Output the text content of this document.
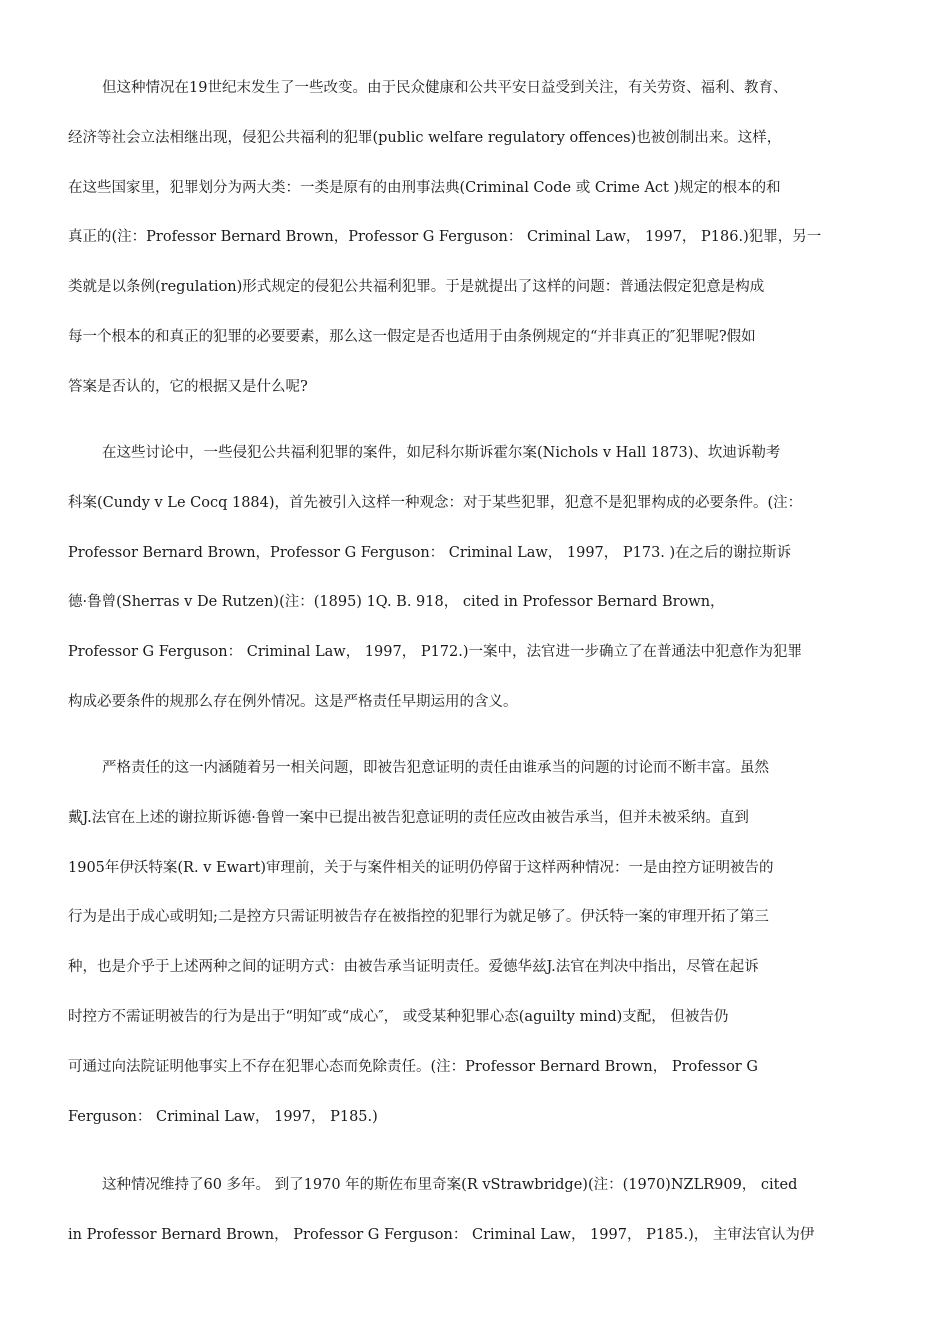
但这种情况在19世纪末发生了一些改变。由于民众健康和公共平安日益受到关注，有关劳资、福利、教育、
经济等社会立法相继出现，侵犯公共福利的犯罪(public welfare regulatory offences)也被创制出来。这样，
在这些国家里，犯罪划分为两大类：一类是原有的由刑事法典(Criminal Code 或 Crime Act )规定的根本的和
真正的(注：Professor Bernard Brown，Professor G Ferguson： Criminal Law， 1997， P186.)犯罪，另一
类就是以条例(regulation)形式规定的侵犯公共福利犯罪。于是就提出了这样的问题：普通法假定犯意是构成
每一个根本的和真正的犯罪的必要要素，那么这一假定是否也适用于由条例规定的“并非真正的″犯罪呢?假如
答案是否认的，它的根据又是什么呢?
在这些讨论中，一些侵犯公共福利犯罪的案件，如尼科尔斯诉霍尔案(Nichols v Hall 1873)、坎迪诉勒考
科案(Cundy v Le Cocq 1884)，首先被引入这样一种观念：对于某些犯罪，犯意不是犯罪构成的必要条件。(注：
Professor Bernard Brown，Professor G Ferguson： Criminal Law， 1997， P173. )在之后的谢拉斯诉
德·鲁曾(Sherras v De Rutzen)(注：(1895) 1Q. B. 918， cited in Professor Bernard Brown，
Professor G Ferguson： Criminal Law， 1997， P172.)一案中，法官进一步确立了在普通法中犯意作为犯罪
构成必要条件的规那么存在例外情况。这是严格责任早期运用的含义。
严格责任的这一内涵随着另一相关问题，即被告犯意证明的责任由谁承当的问题的讨论而不断丰富。虽然
戴J.法官在上述的谢拉斯诉德·鲁曾一案中已提出被告犯意证明的责任应改由被告承当，但并未被采纳。直到
1905年伊沃特案(R. v Ewart)审理前，关于与案件相关的证明仍停留于这样两种情况：一是由控方证明被告的
行为是出于成心或明知;二是控方只需证明被告存在被指控的犯罪行为就足够了。伊沃特一案的审理开拓了第三
种，也是介乎于上述两种之间的证明方式：由被告承当证明责任。爱德华兹J.法官在判决中指出，尽管在起诉
时控方不需证明被告的行为是出于“明知″或“成心″， 或受某种犯罪心态(aguilty mind)支配， 但被告仍
可通过向法院证明他事实上不存在犯罪心态而免除责任。(注：Professor Bernard Brown， Professor G
Ferguson： Criminal Law， 1997， P185.)
这种情况维持了60 多年。 到了1970 年的斯佐布里奇案(R vStrawbridge)(注：(1970)NZLR909， cited
in Professor Bernard Brown， Professor G Ferguson： Criminal Law， 1997， P185.)， 主审法官认为伊
